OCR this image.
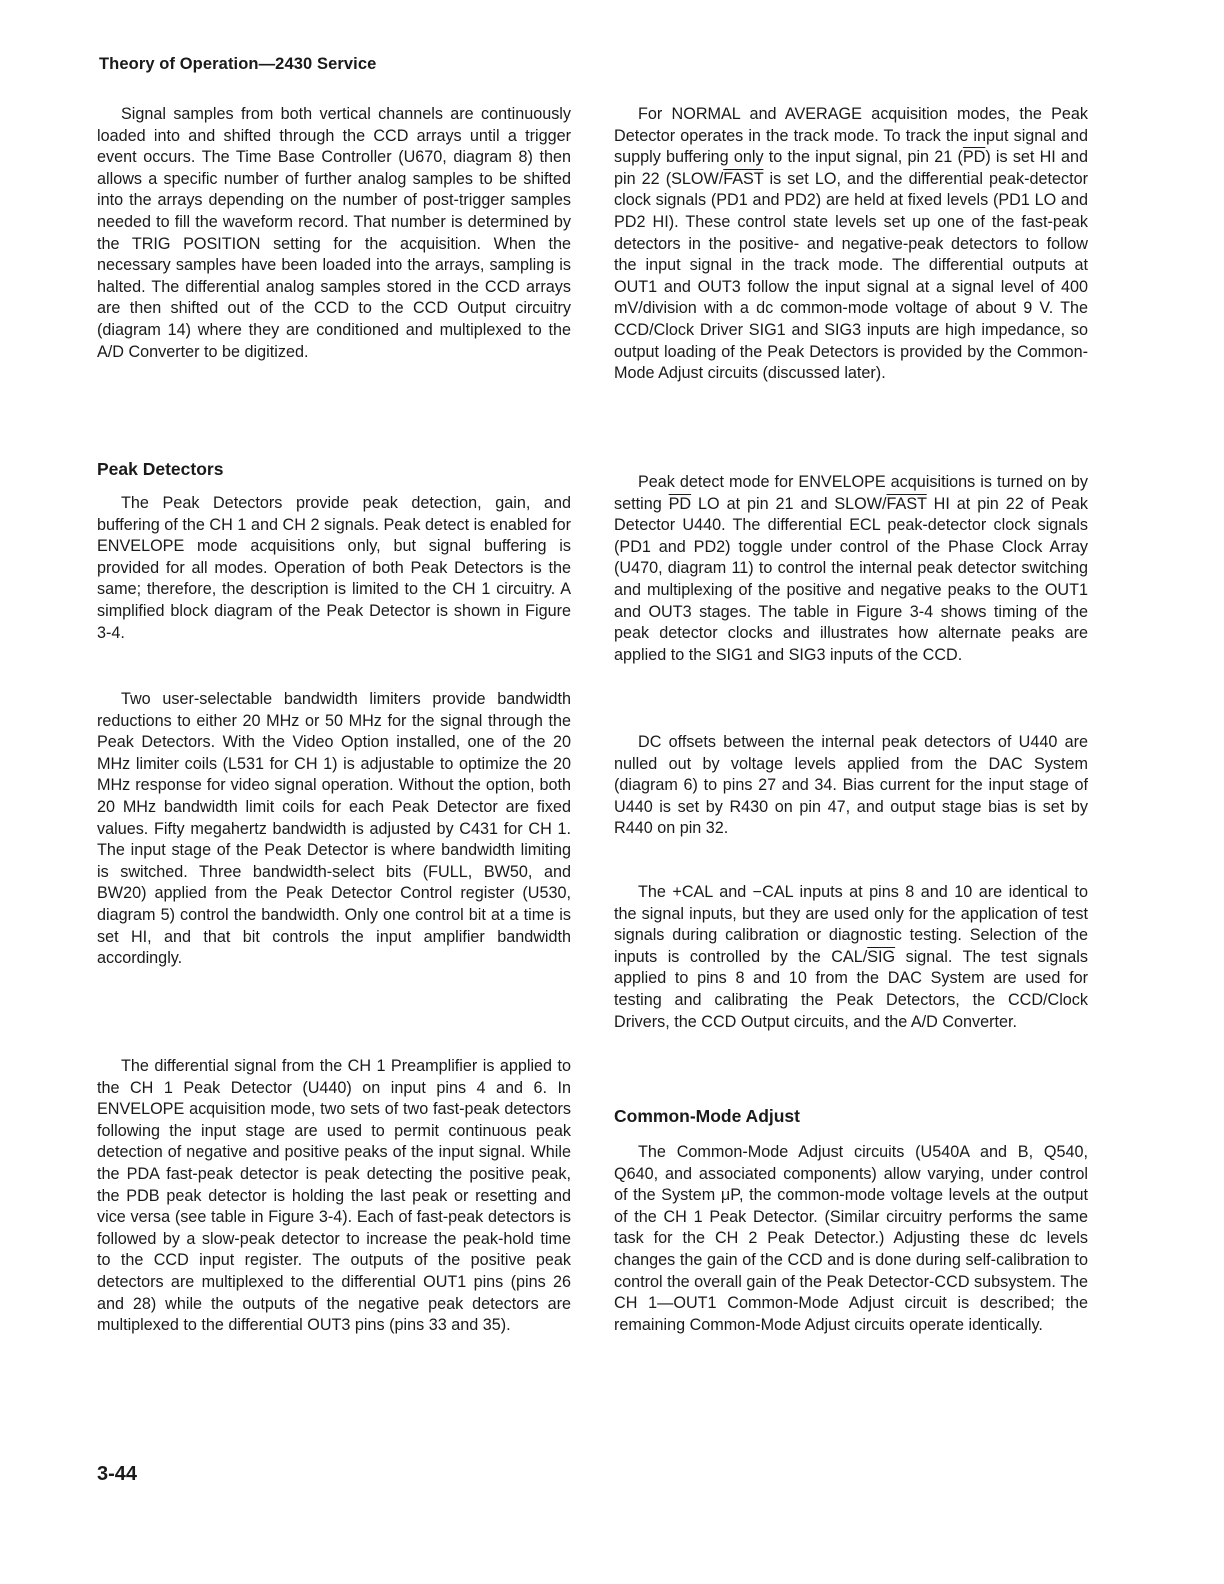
Theory of Operation—2430 Service

Signal samples from both vertical channels are continuously loaded into and shifted through the CCD arrays until a trigger event occurs. The Time Base Controller (U670, diagram 8) then allows a specific number of further analog samples to be shifted into the arrays depending on the number of post-trigger samples needed to fill the waveform record. That number is determined by the TRIG POSITION setting for the acquisition. When the necessary samples have been loaded into the arrays, sampling is halted. The differential analog samples stored in the CCD arrays are then shifted out of the CCD to the CCD Output circuitry (diagram 14) where they are conditioned and multiplexed to the A/D Converter to be digitized.

Peak Detectors

The Peak Detectors provide peak detection, gain, and buffering of the CH 1 and CH 2 signals. Peak detect is enabled for ENVELOPE mode acquisitions only, but signal buffering is provided for all modes. Operation of both Peak Detectors is the same; therefore, the description is limited to the CH 1 circuitry. A simplified block diagram of the Peak Detector is shown in Figure 3-4.

Two user-selectable bandwidth limiters provide bandwidth reductions to either 20 MHz or 50 MHz for the signal through the Peak Detectors. With the Video Option installed, one of the 20 MHz limiter coils (L531 for CH 1) is adjustable to optimize the 20 MHz response for video signal operation. Without the option, both 20 MHz bandwidth limit coils for each Peak Detector are fixed values. Fifty megahertz bandwidth is adjusted by C431 for CH 1. The input stage of the Peak Detector is where bandwidth limiting is switched. Three bandwidth-select bits (FULL, BW50, and BW20) applied from the Peak Detector Control register (U530, diagram 5) control the bandwidth. Only one control bit at a time is set HI, and that bit controls the input amplifier bandwidth accordingly.

The differential signal from the CH 1 Preamplifier is applied to the CH 1 Peak Detector (U440) on input pins 4 and 6. In ENVELOPE acquisition mode, two sets of two fast-peak detectors following the input stage are used to permit continuous peak detection of negative and positive peaks of the input signal. While the PDA fast-peak detector is peak detecting the positive peak, the PDB peak detector is holding the last peak or resetting and vice versa (see table in Figure 3-4). Each of fast-peak detectors is followed by a slow-peak detector to increase the peak-hold time to the CCD input register. The outputs of the positive peak detectors are multiplexed to the differential OUT1 pins (pins 26 and 28) while the outputs of the negative peak detectors are multiplexed to the differential OUT3 pins (pins 33 and 35).

For NORMAL and AVERAGE acquisition modes, the Peak Detector operates in the track mode. To track the input signal and supply buffering only to the input signal, pin 21 $(\overline{PD})$ is set HI and pin 22 (SLOW/FAST is set LO, and the differential peak-detector clock signals (PD1 and PD2) are held at fixed levels (PD1 LO and PD2 HI). These control state levels set up one of the fast-peak detectors in the positive- and negative-peak detectors to follow the input signal in the track mode. The differential outputs at OUT1 and OUT3 follow the input signal at a signal level of 400 mV/division with a dc common-mode voltage of about 9 V. The CCD/Clock Driver SIG1 and SIG3 inputs are high impedance, so output loading of the Peak Detectors is provided by the Common-Mode Adjust circuits (discussed later).

Peak detect mode for ENVELOPE acquisitions is turned on by setting $\overline{PD}$ LO at pin 21 and SLOW/FAST HI at pin 22 of Peak Detector U440. The differential ECL peak-detector clock signals (PD1 and PD2) toggle under control of the Phase Clock Array (U470, diagram 11) to control the internal peak detector switching and multiplexing of the positive and negative peaks to the OUT1 and OUT3 stages. The table in Figure 3-4 shows timing of the peak detector clocks and illustrates how alternate peaks are applied to the SIG1 and SIG3 inputs of the CCD.

DC offsets between the internal peak detectors of U440 are nulled out by voltage levels applied from the DAC System (diagram 6) to pins 27 and 34. Bias current for the input stage of U440 is set by R430 on pin 47, and output stage bias is set by R440 on pin 32.

The +CAL and −CAL inputs at pins 8 and 10 are identical to the signal inputs, but they are used only for the application of test signals during calibration or diagnostic testing. Selection of the inputs is controlled by the CAL/$\overline{SIG}$ signal. The test signals applied to pins 8 and 10 from the DAC System are used for testing and calibrating the Peak Detectors, the CCD/Clock Drivers, the CCD Output circuits, and the A/D Converter.

Common-Mode Adjust

The Common-Mode Adjust circuits (U540A and B, Q540, Q640, and associated components) allow varying, under control of the System μP, the common-mode voltage levels at the output of the CH 1 Peak Detector. (Similar circuitry performs the same task for the CH 2 Peak Detector.) Adjusting these dc levels changes the gain of the CCD and is done during self-calibration to control the overall gain of the Peak Detector-CCD subsystem. The CH 1—OUT1 Common-Mode Adjust circuit is described; the remaining Common-Mode Adjust circuits operate identically.

3-44
